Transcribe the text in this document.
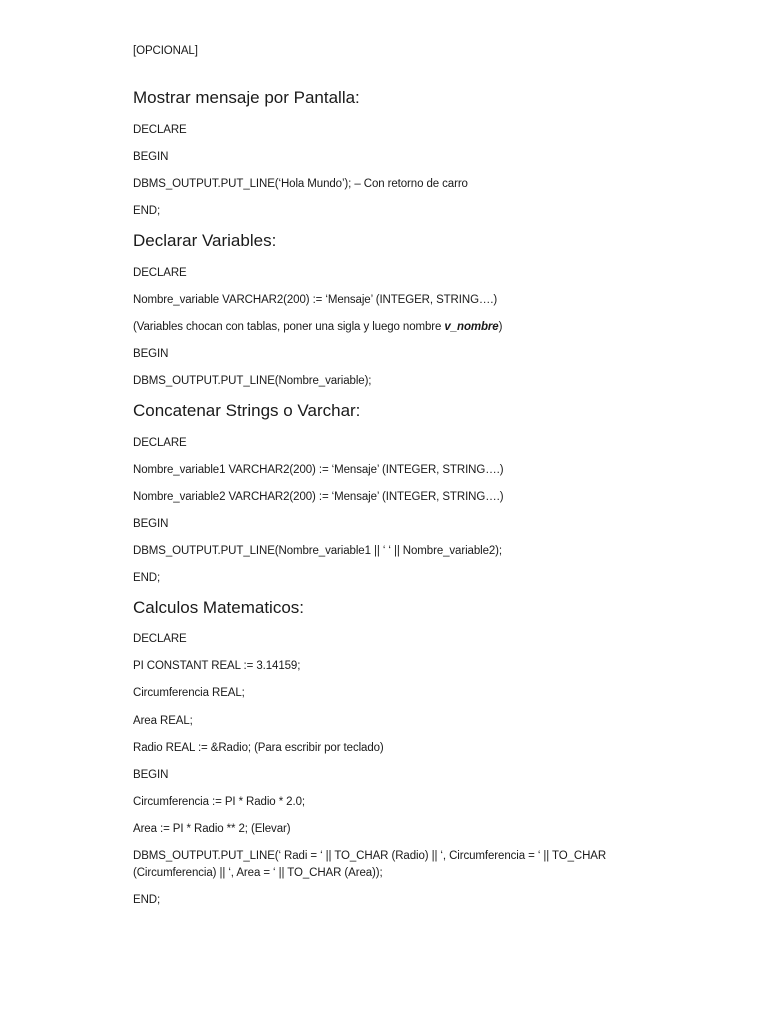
[OPCIONAL]
Mostrar mensaje por Pantalla:
DECLARE
BEGIN
DBMS_OUTPUT.PUT_LINE(‘Hola Mundo’); – Con retorno de carro
END;
Declarar Variables:
DECLARE
Nombre_variable VARCHAR2(200) := ‘Mensaje’ (INTEGER, STRING….)
(Variables chocan con tablas, poner una sigla y luego nombre v_nombre)
BEGIN
DBMS_OUTPUT.PUT_LINE(Nombre_variable);
Concatenar Strings o Varchar:
DECLARE
Nombre_variable1 VARCHAR2(200) := ‘Mensaje’ (INTEGER, STRING….)
Nombre_variable2 VARCHAR2(200) := ‘Mensaje’ (INTEGER, STRING….)
BEGIN
DBMS_OUTPUT.PUT_LINE(Nombre_variable1 || ‘ ‘ || Nombre_variable2);
END;
Calculos Matematicos:
DECLARE
PI CONSTANT REAL := 3.14159;
Circumferencia REAL;
Area REAL;
Radio REAL := &Radio; (Para escribir por teclado)
BEGIN
Circumferencia := PI * Radio * 2.0;
Area := PI * Radio ** 2; (Elevar)
DBMS_OUTPUT.PUT_LINE(‘ Radi = ‘ || TO_CHAR (Radio) || ‘, Circumferencia = ‘ || TO_CHAR (Circumferencia) || ‘, Area = ‘ || TO_CHAR (Area));
END;
